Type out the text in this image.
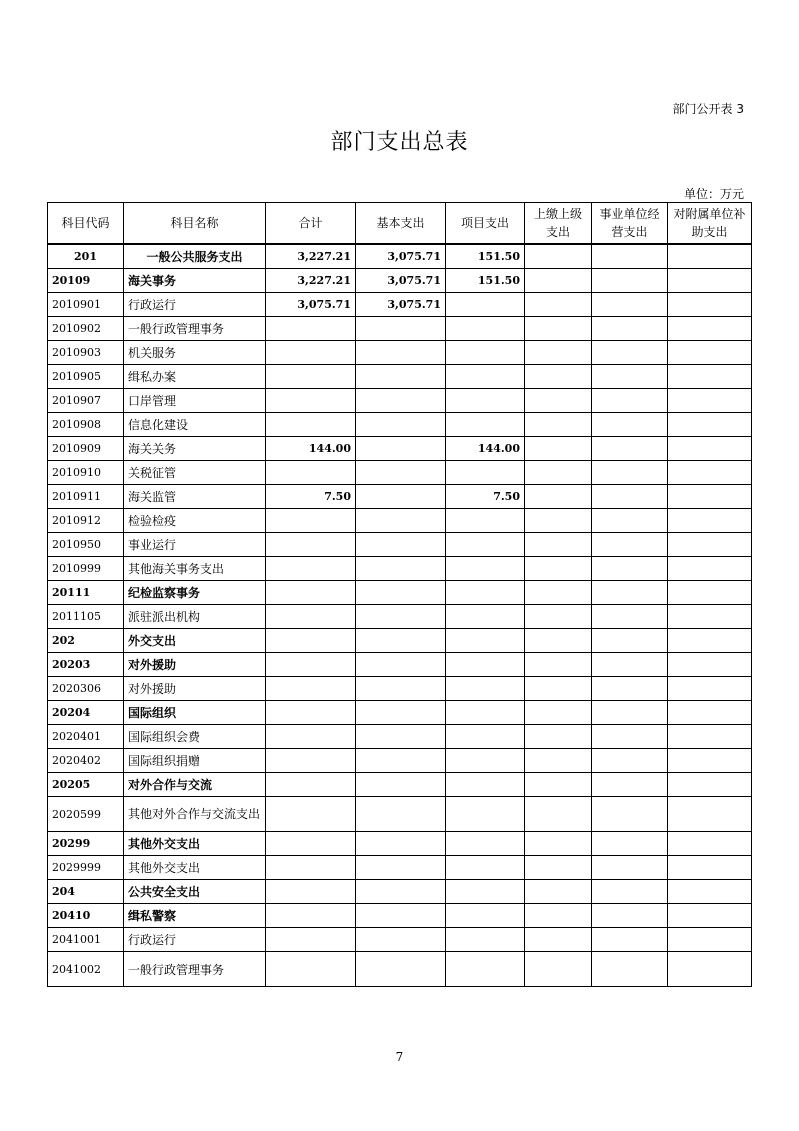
部门公开表 3
部门支出总表
单位：万元
科目代码	科目名称	合计	基本支出	项目支出	上缴上级支出	事业单位经营支出	对附属单位补助支出
201	一般公共服务支出	3,227.21	3,075.71	151.50			
20109	海关事务	3,227.21	3,075.71	151.50			
2010901	行政运行	3,075.71	3,075.71				
2010902	一般行政管理事务						
2010903	机关服务						
2010905	缉私办案						
2010907	口岸管理						
2010908	信息化建设						
2010909	海关关务	144.00		144.00			
2010910	关税征管						
2010911	海关监管	7.50		7.50			
2010912	检验检疫						
2010950	事业运行						
2010999	其他海关事务支出						
20111	纪检监察事务						
2011105	派驻派出机构						
202	外交支出						
20203	对外援助						
2020306	对外援助						
20204	国际组织						
2020401	国际组织会费						
2020402	国际组织捐赠						
20205	对外合作与交流						
2020599	其他对外合作与交流支出						
20299	其他外交支出						
2029999	其他外交支出						
204	公共安全支出						
20410	缉私警察						
2041001	行政运行						
2041002	一般行政管理事务						
7
